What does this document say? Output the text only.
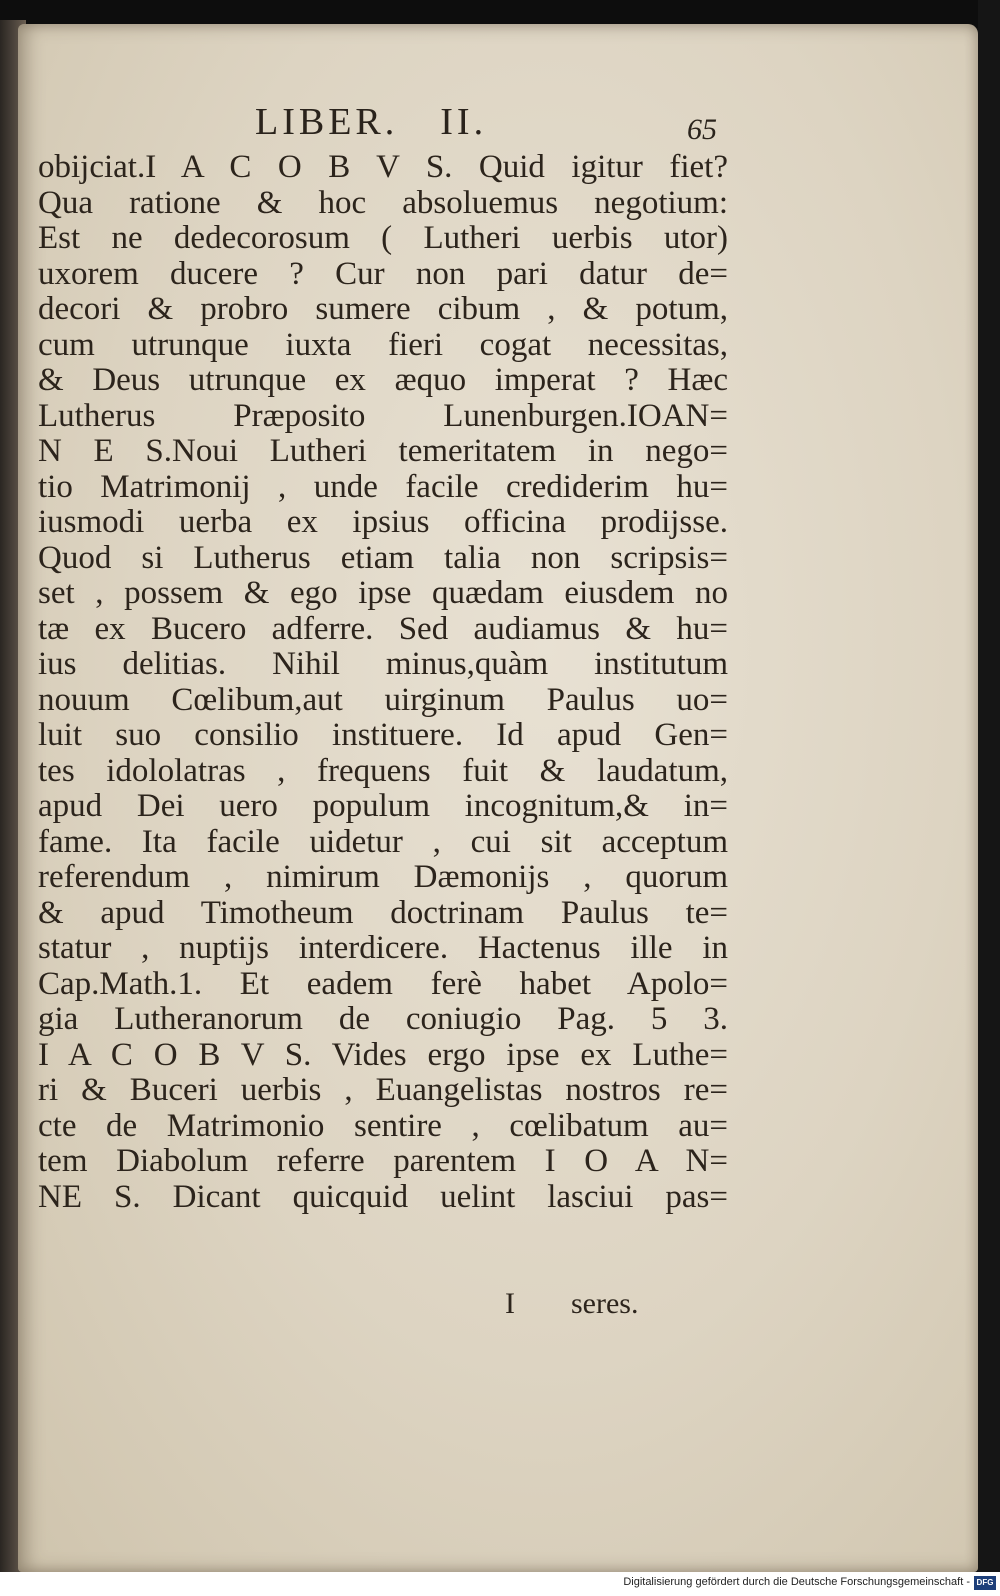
LIBER. II.	65
obijciat.I A C O B V S. Quid igitur fiet?
Qua ratione & hoc absoluemus negotium:
Est ne dedecorosum ( Lutheri uerbis utor)
uxorem ducere ? Cur non pari datur de=
decori & probro sumere cibum , & potum,
cum utrunque iuxta fieri cogat necessitas,
& Deus utrunque ex æquo imperat ? Hæc
Lutherus Præposito Lunenburgen.IOAN=
N E S.Noui Lutheri temeritatem in nego=
tio Matrimonij , unde facile crediderim hu=
iusmodi uerba ex ipsius officina prodijsse.
Quod si Lutherus etiam talia non scripsis=
set , possem & ego ipse quædam eiusdem no
tæ ex Bucero adferre. Sed audiamus & hu=
ius delitias. Nihil minus,quàm institutum
nouum Cœlibum,aut uirginum Paulus uo=
luit suo consilio instituere. Id apud Gen=
tes idololatras , frequens fuit & laudatum,
apud Dei uero populum incognitum,& in=
fame. Ita facile uidetur , cui sit acceptum
referendum , nimirum Dæmonijs , quorum
& apud Timotheum doctrinam Paulus te=
statur , nuptijs interdicere. Hactenus ille in
Cap.Math.1. Et eadem ferè habet Apolo=
gia Lutheranorum de coniugio Pag. 5 3.
I A C O B V S. Vides ergo ipse ex Luthe=
ri & Buceri uerbis , Euangelistas nostros re=
cte de Matrimonio sentire , cœlibatum au=
tem Diabolum referre parentem I O A N=
NE S. Dicant quicquid uelint lasciui pas=
I seres.
Digitalisierung gefördert durch die Deutsche Forschungsgemeinschaft - DFG
